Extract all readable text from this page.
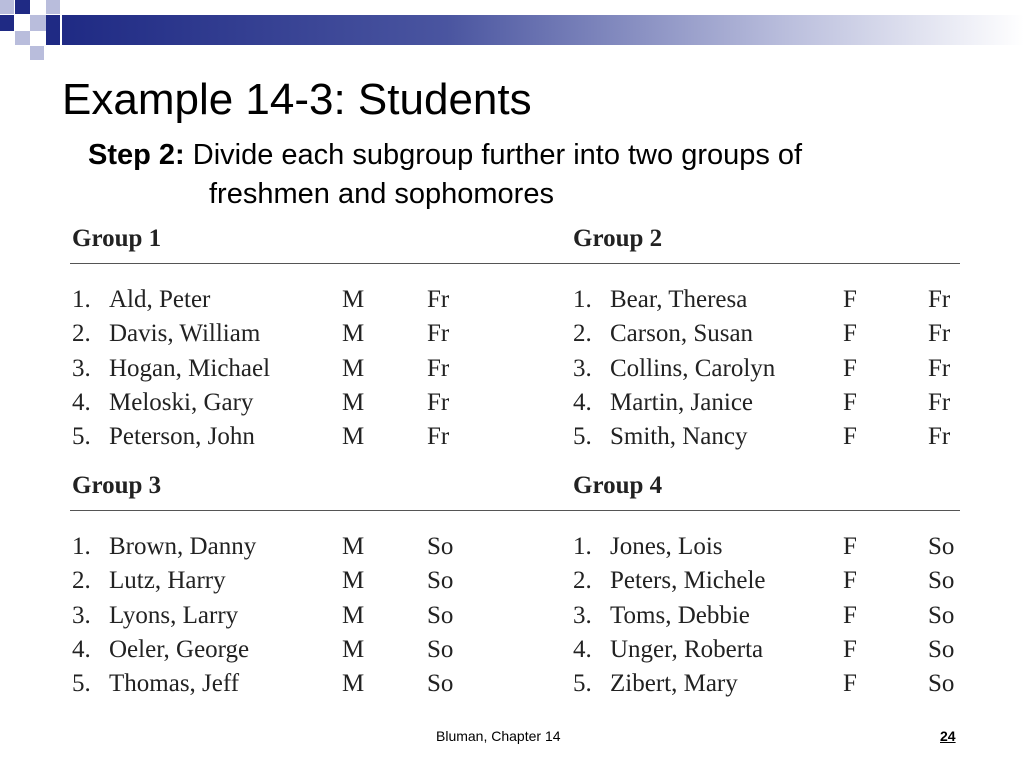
Example 14-3: Students
Step 2: Divide each subgroup further into two groups of
freshmen and sophomores
Group 1
1. Ald, Peter	M	Fr
2. Davis, William	M	Fr
3. Hogan, Michael	M	Fr
4. Meloski, Gary	M	Fr
5. Peterson, John	M	Fr
Group 2
1. Bear, Theresa	F	Fr
2. Carson, Susan	F	Fr
3. Collins, Carolyn	F	Fr
4. Martin, Janice	F	Fr
5. Smith, Nancy	F	Fr
Group 3
1. Brown, Danny	M	So
2. Lutz, Harry	M	So
3. Lyons, Larry	M	So
4. Oeler, George	M	So
5. Thomas, Jeff	M	So
Group 4
1. Jones, Lois	F	So
2. Peters, Michele	F	So
3. Toms, Debbie	F	So
4. Unger, Roberta	F	So
5. Zibert, Mary	F	So
Bluman, Chapter 14	24
